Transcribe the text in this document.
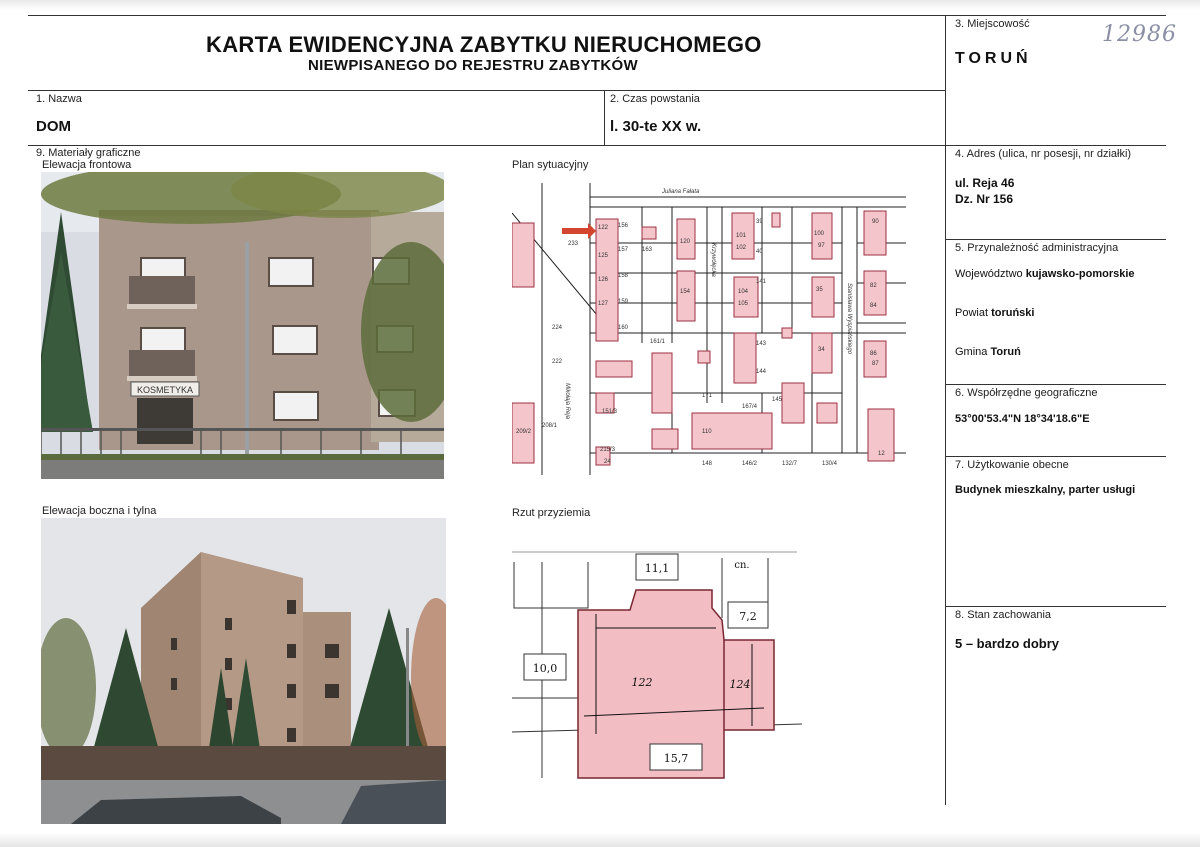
KARTA EWIDENCYJNA ZABYTKU NIERUCHOMEGO
NIEWPISANEGO DO REJESTRU ZABYTKÓW
3. Miejscowość
TORUŃ
12986
1. Nazwa
DOM
2. Czas powstania
l. 30-te XX w.
9. Materiały graficzne
Elewacja frontowa	Plan sytuacyjny
Elewacja boczna i tylna	Rzut przyziemia
KOSMETYKA
Juliana Fałata
122 156
125
157
126
158
127 159
160
233
224
222
120
154
101
102
104
105
100
97
110
24	148	146/2
209/2
208/1
161/1
151/3
171
167/4
132/7	130/4
90
82
84
86
87
12
35
34
39
40
141
143
144
145
163
215/3
Mikołaja Reja
Krzywółęcka
Stanisława Wyspiańskiego
11,1	cn.
7,2
10,0
122	124
15,7
4. Adres (ulica, nr posesji, nr działki)
ul. Reja 46
Dz. Nr 156
5. Przynależność administracyjna
Województwo kujawsko-pomorskie
Powiat toruński
Gmina Toruń
6. Współrzędne geograficzne
53°00'53.4"N 18°34'18.6"E
7. Użytkowanie obecne
Budynek mieszkalny, parter usługi
8. Stan zachowania
5 – bardzo dobry
